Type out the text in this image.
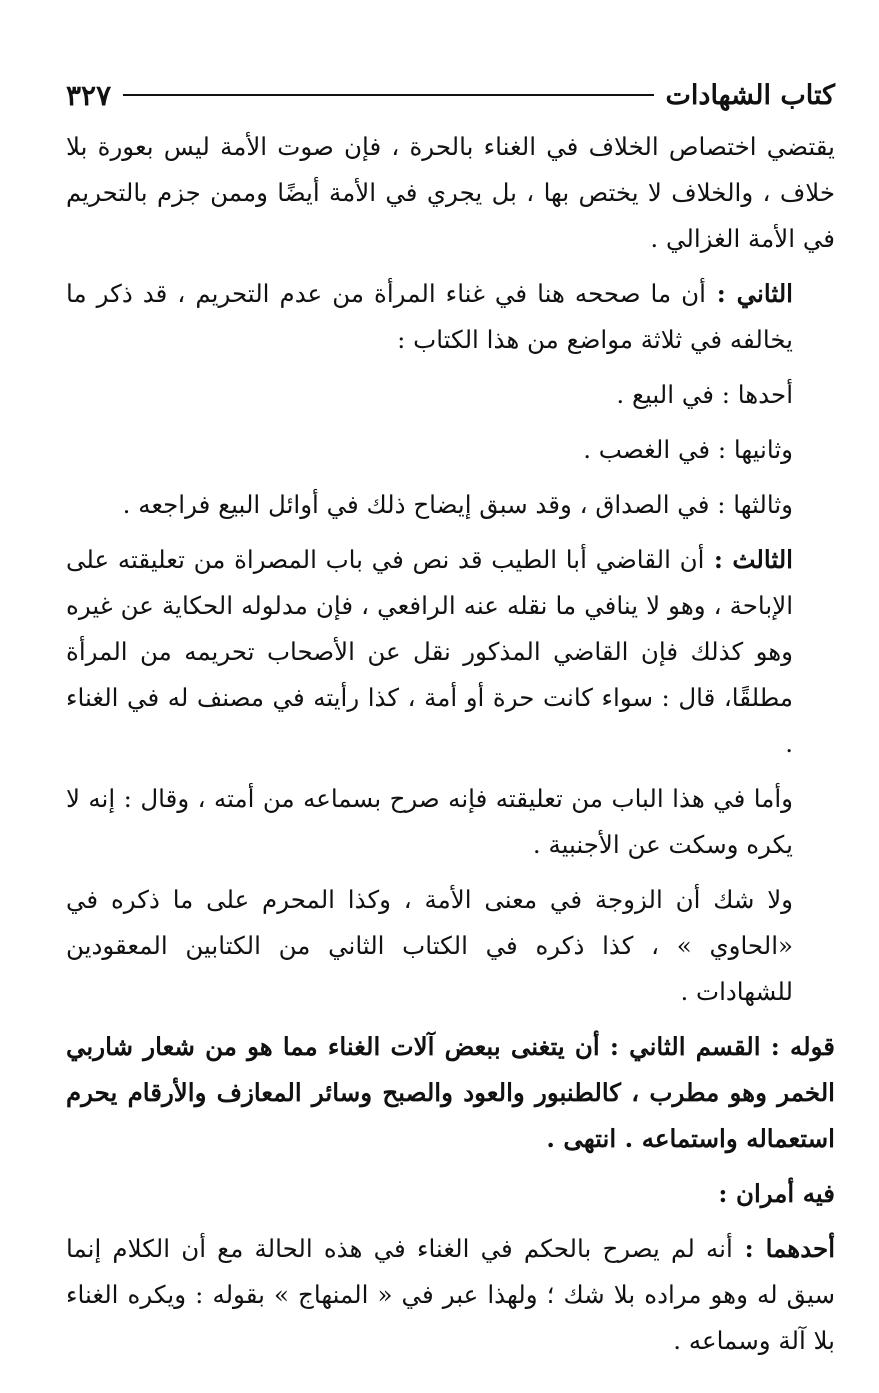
كتاب الشهادات
٣٢٧

يقتضي اختصاص الخلاف في الغناء بالحرة ، فإن صوت الأمة ليس بعورة بلا خلاف ، والخلاف لا يختص بها ، بل يجري في الأمة أيضًا وممن جزم بالتحريم في الأمة الغزالي .

الثاني : أن ما صححه هنا في غناء المرأة من عدم التحريم ، قد ذكر ما يخالفه في ثلاثة مواضع من هذا الكتاب :

أحدها : في البيع .

وثانيها : في الغصب .

وثالثها : في الصداق ، وقد سبق إيضاح ذلك في أوائل البيع فراجعه .

الثالث : أن القاضي أبا الطيب قد نص في باب المصراة من تعليقته على الإباحة ، وهو لا ينافي ما نقله عنه الرافعي ، فإن مدلوله الحكاية عن غيره وهو كذلك فإن القاضي المذكور نقل عن الأصحاب تحريمه من المرأة مطلقًا، قال : سواء كانت حرة أو أمة ، كذا رأيته في مصنف له في الغناء .

وأما في هذا الباب من تعليقته فإنه صرح بسماعه من أمته ، وقال : إنه لا يكره وسكت عن الأجنبية .

ولا شك أن الزوجة في معنى الأمة ، وكذا المحرم على ما ذكره في «الحاوي » ، كذا ذكره في الكتاب الثاني من الكتابين المعقودين للشهادات .

قوله : القسم الثاني : أن يتغنى ببعض آلات الغناء مما هو من شعار شاربي الخمر وهو مطرب ، كالطنبور والعود والصبح وسائر المعازف والأرقام يحرم استعماله واستماعه . انتهى .

فيه أمران :

أحدهما : أنه لم يصرح بالحكم في الغناء في هذه الحالة مع أن الكلام إنما سيق له وهو مراده بلا شك ؛ ولهذا عبر في « المنهاج » بقوله : ويكره الغناء بلا آلة وسماعه .
